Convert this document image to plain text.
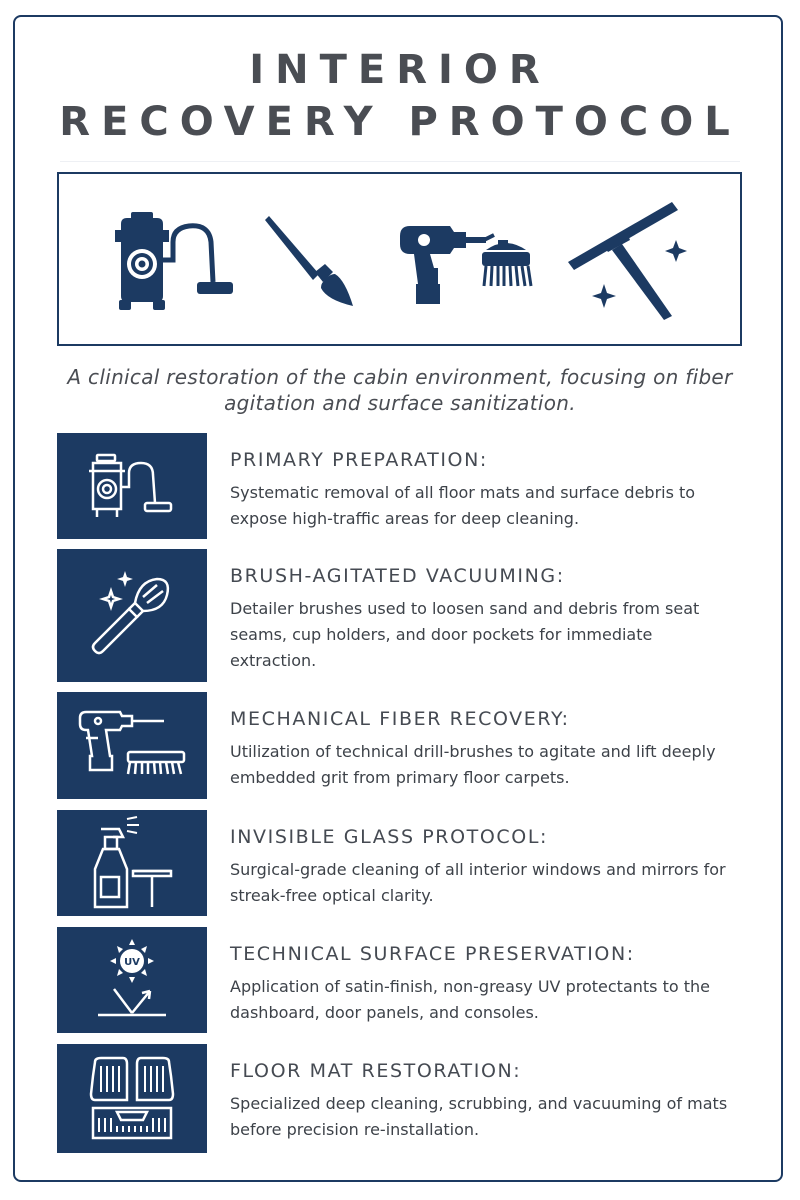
INTERIOR
RECOVERY PROTOCOL
A clinical restoration of the cabin environment, focusing on fiber agitation and surface sanitization.
PRIMARY PREPARATION:
Systematic removal of all floor mats and surface debris to expose high-traffic areas for deep cleaning.
BRUSH-AGITATED VACUUMING:
Detailer brushes used to loosen sand and debris from seat seams, cup holders, and door pockets for immediate extraction.
MECHANICAL FIBER RECOVERY:
Utilization of technical drill-brushes to agitate and lift deeply embedded grit from primary floor carpets.
INVISIBLE GLASS PROTOCOL:
Surgical-grade cleaning of all interior windows and mirrors for streak-free optical clarity.
UV	TECHNICAL SURFACE PRESERVATION:
Application of satin-finish, non-greasy UV protectants to the dashboard, door panels, and consoles.
FLOOR MAT RESTORATION:
Specialized deep cleaning, scrubbing, and vacuuming of mats before precision re-installation.
